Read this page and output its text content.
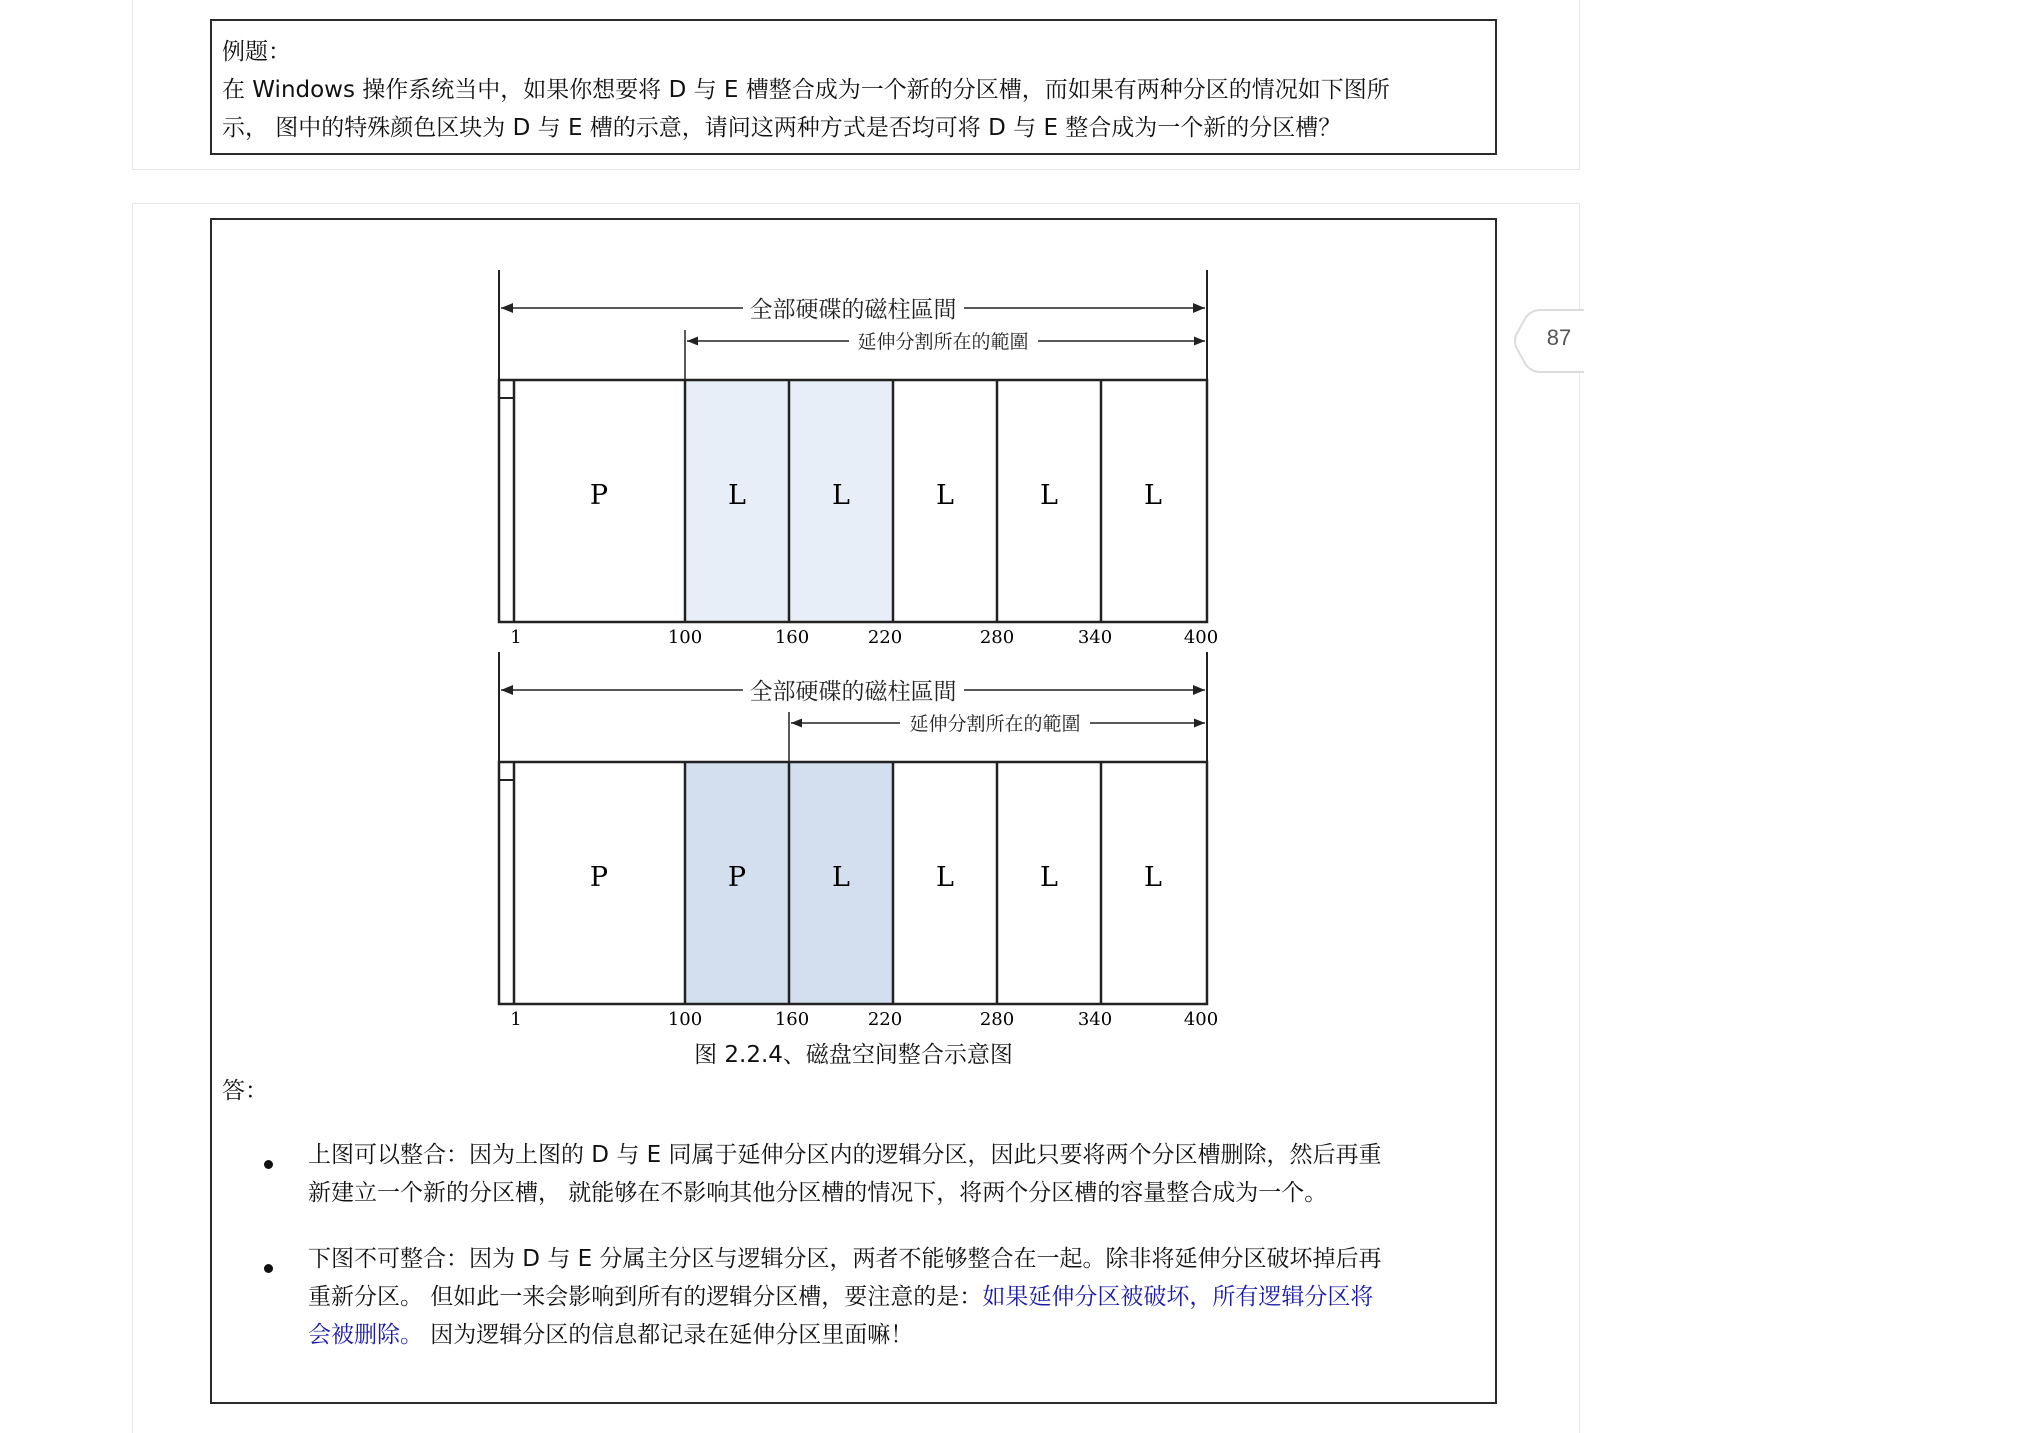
例题：
在 Windows 操作系统当中，如果你想要将 D 与 E 槽整合成为一个新的分区槽，而如果有两种分区的情况如下图所
示， 图中的特殊颜色区块为 D 与 E 槽的示意，请问这两种方式是否均可将 D 与 E 整合成为一个新的分区槽？
87
全部硬碟的磁柱區間
延伸分割所在的範圍
P	L	L	L	L	L
1	100	160	220	280	340	400
全部硬碟的磁柱區間
延伸分割所在的範圍
P	P	L	L	L	L
1	100	160	220	280	340	400
图 2.2.4、磁盘空间整合示意图
答：
上图可以整合：因为上图的 D 与 E 同属于延伸分区内的逻辑分区，因此只要将两个分区槽删除，然后再重
新建立一个新的分区槽， 就能够在不影响其他分区槽的情况下，将两个分区槽的容量整合成为一个。
下图不可整合：因为 D 与 E 分属主分区与逻辑分区，两者不能够整合在一起。除非将延伸分区破坏掉后再
重新分区。 但如此一来会影响到所有的逻辑分区槽，要注意的是：如果延伸分区被破坏，所有逻辑分区将
会被删除。 因为逻辑分区的信息都记录在延伸分区里面嘛！
